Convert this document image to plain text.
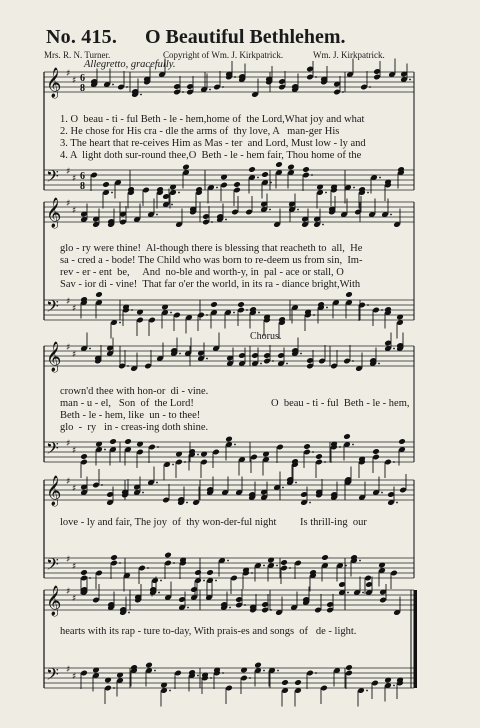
No. 415. O Beautiful Bethlehem.
Mrs. R. N. Turner.	Copyright of Wm. J. Kirkpatrick.	Wm. J. Kirkpatrick.
Allegretto, gracefully.
𝄞 ♯
♯ 6
8
𝄢 ♯
♯ 6
8
𝄞 ♯
♯
𝄢 ♯
♯
𝄞 ♯
♯
𝄢 ♯
♯
𝄞 ♯
♯
𝄢 ♯
♯
𝄞 ♯
♯
𝄢 ♯
♯
1. O  beau - ti - ful Beth - le - hem,home of  the Lord,What joy and what
2. He chose for His cra - dle the arms of  thy love, A   man-ger His
3. The heart that re-ceives Him as Mas - ter  and Lord, Must low - ly and
4. A  light doth sur-round thee,O  Beth - le - hem fair, Thou home of the
glo - ry were thine!  Al-though there is blessing that reacheth to  all,  He
sa - cred a - bode! The Child who was born to re-deem us from sin,  Im-
rev - er - ent  be,     And  no-ble and worth-y, in  pal - ace or stall, O
Sav - ior di - vine!  That far o'er the world, in its ra - diance bright,With
Chorus.
crown'd thee with hon-or  di - vine.
man - u - el,   Son  of  the Lord!
Beth - le - hem, like  un - to thee!
glo  -  ry   in - creas-ing doth shine.
O  beau - ti - ful  Beth - le - hem,
love - ly and fair, The joy  of  thy won-der-ful night         Is thrill-ing  our
hearts with its rap - ture to-day, With prais-es and songs  of   de - light.
